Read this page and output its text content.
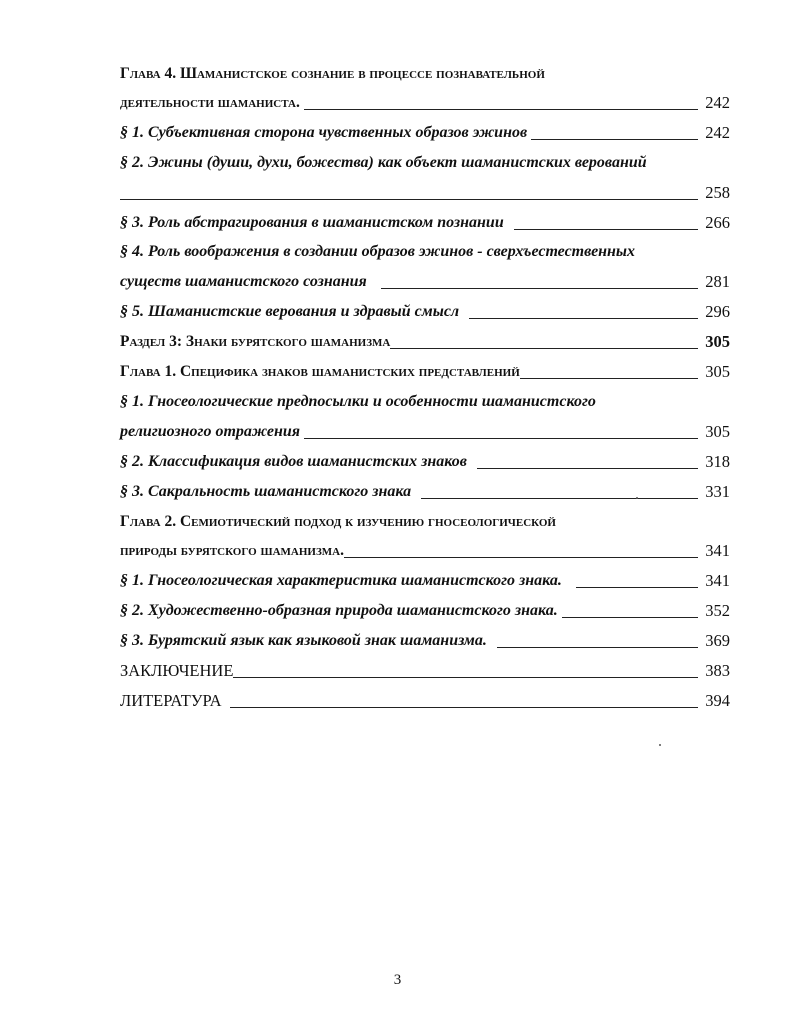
Глава 4. Шаманистское сознание в процессе познавательной
деятельности шаманиста.	242
§ 1. Субъективная сторона чувственных образов эжинов	242
§ 2. Эжины (души, духи, божества) как объект шаманистских верований
258
§ 3. Роль абстрагирования в шаманистском познании	266
§ 4. Роль воображения в создании образов эжинов - сверхъестественных
существ шаманистского сознания	281
§ 5. Шаманистские верования и здравый смысл	296
Раздел 3: Знаки бурятского шаманизма	305
Глава 1. Специфика знаков шаманистских представлений	305
§ 1. Гносеологические предпосылки и особенности шаманистского
религиозного отражения	305
§ 2. Классификация видов шаманистских знаков	318
§ 3. Сакральность шаманистского знака	331
Глава 2. Семиотический подход к изучению гносеологической
природы бурятского шаманизма.	341
§ 1. Гносеологическая характеристика шаманистского знака.	341
§ 2. Художественно-образная природа шаманистского знака.	352
§ 3. Бурятский язык как языковой знак шаманизма.	369
ЗАКЛЮЧЕНИЕ	383
ЛИТЕРАТУРА	394
3
